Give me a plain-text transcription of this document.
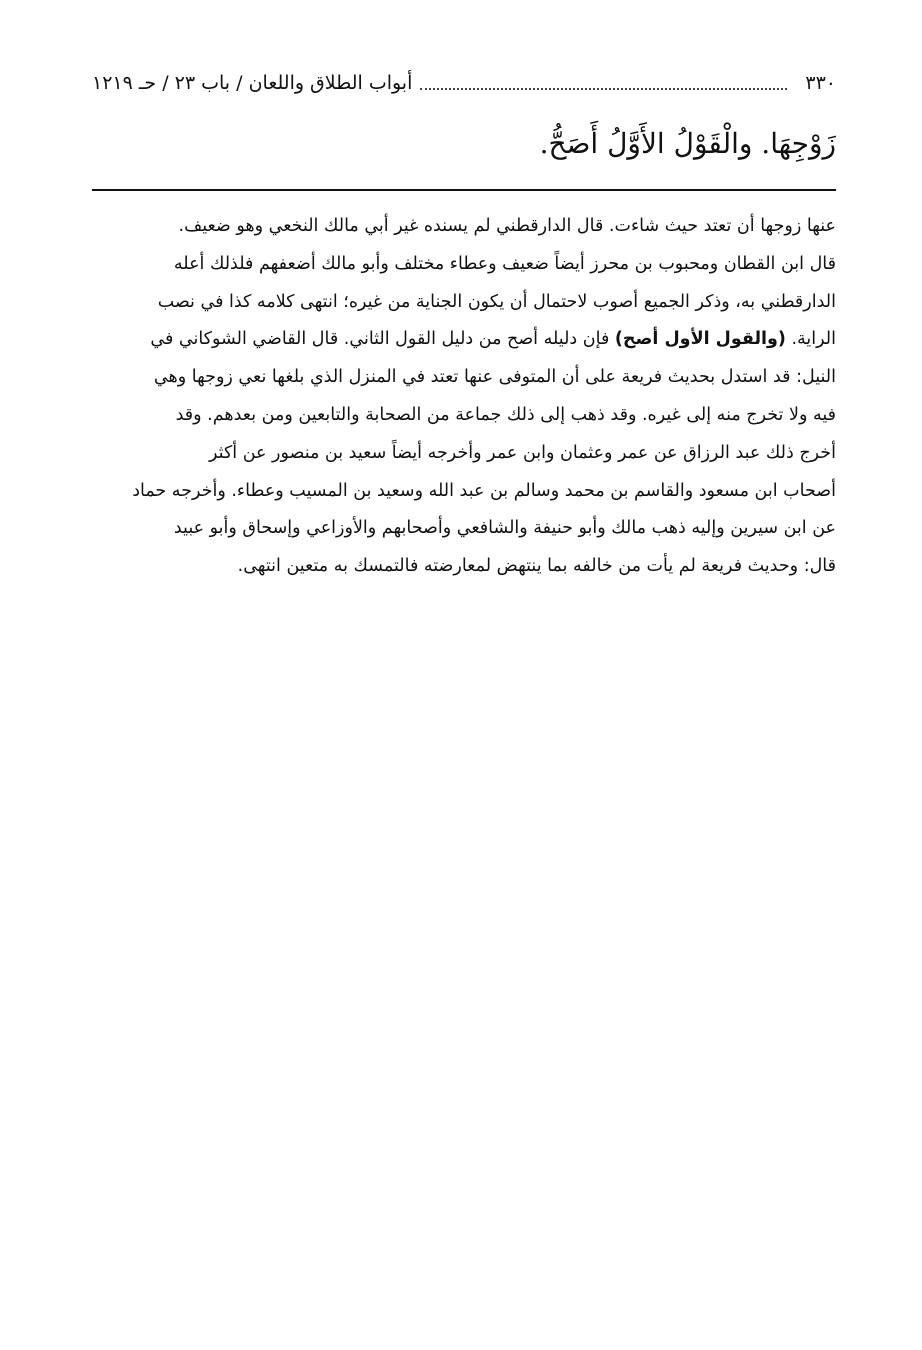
٣٣٠
أبواب الطلاق واللعان / باب ٢٣ / حـ ١٢١٩
زَوْجِهَا. والْقَوْلُ الأَوَّلُ أَصَحُّ.
عنها زوجها أن تعتد حيث شاءت. قال الدارقطني لم يسنده غير أبي مالك النخعي وهو ضعيف.
قال ابن القطان ومحبوب بن محرز أيضاً ضعيف وعطاء مختلف وأبو مالك أضعفهم فلذلك أعله
الدارقطني به، وذكر الجميع أصوب لاحتمال أن يكون الجناية من غيره؛ انتهى كلامه كذا في نصب
الراية. (والقول الأول أصح) فإن دليله أصح من دليل القول الثاني. قال القاضي الشوكاني في
النيل: قد استدل بحديث فريعة على أن المتوفى عنها تعتد في المنزل الذي بلغها نعي زوجها وهي
فيه ولا تخرج منه إلى غيره. وقد ذهب إلى ذلك جماعة من الصحابة والتابعين ومن بعدهم. وقد
أخرج ذلك عبد الرزاق عن عمر وعثمان وابن عمر وأخرجه أيضاً سعيد بن منصور عن أكثر
أصحاب ابن مسعود والقاسم بن محمد وسالم بن عبد الله وسعيد بن المسيب وعطاء. وأخرجه حماد
عن ابن سيرين وإليه ذهب مالك وأبو حنيفة والشافعي وأصحابهم والأوزاعي وإسحاق وأبو عبيد
قال: وحديث فريعة لم يأت من خالفه بما ينتهض لمعارضته فالتمسك به متعين انتهى.
